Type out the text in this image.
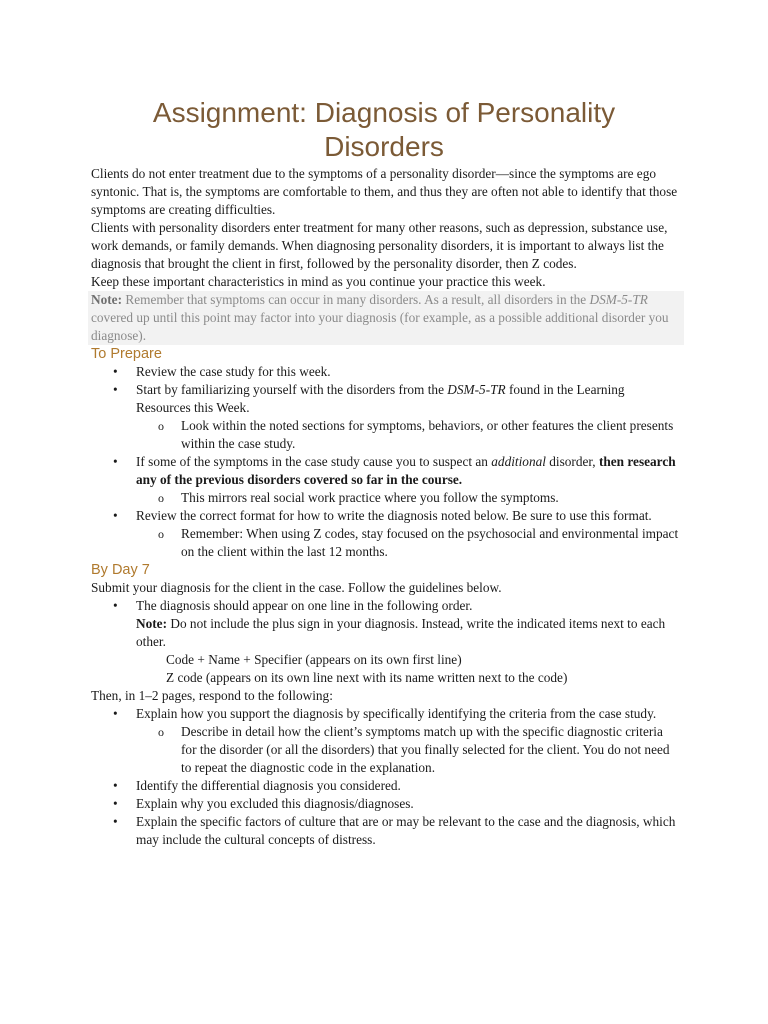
Assignment: Diagnosis of Personality Disorders

Clients do not enter treatment due to the symptoms of a personality disorder—since the symptoms are ego syntonic. That is, the symptoms are comfortable to them, and thus they are often not able to identify that those symptoms are creating difficulties.

Clients with personality disorders enter treatment for many other reasons, such as depression, substance use, work demands, or family demands. When diagnosing personality disorders, it is important to always list the diagnosis that brought the client in first, followed by the personality disorder, then Z codes.

Keep these important characteristics in mind as you continue your practice this week.

Note: Remember that symptoms can occur in many disorders. As a result, all disorders in the DSM-5-TR covered up until this point may factor into your diagnosis (for example, as a possible additional disorder you diagnose).

To Prepare
• Review the case study for this week.
• Start by familiarizing yourself with the disorders from the DSM-5-TR found in the Learning Resources this Week.
o Look within the noted sections for symptoms, behaviors, or other features the client presents within the case study.
• If some of the symptoms in the case study cause you to suspect an additional disorder, then research any of the previous disorders covered so far in the course.
o This mirrors real social work practice where you follow the symptoms.
• Review the correct format for how to write the diagnosis noted below. Be sure to use this format.
o Remember: When using Z codes, stay focused on the psychosocial and environmental impact on the client within the last 12 months.
By Day 7

Submit your diagnosis for the client in the case. Follow the guidelines below.

• The diagnosis should appear on one line in the following order.
Note: Do not include the plus sign in your diagnosis. Instead, write the indicated items next to each other.
Code + Name + Specifier (appears on its own first line)
Z code (appears on its own line next with its name written next to the code)

Then, in 1–2 pages, respond to the following:

• Explain how you support the diagnosis by specifically identifying the criteria from the case study.
o Describe in detail how the client’s symptoms match up with the specific diagnostic criteria for the disorder (or all the disorders) that you finally selected for the client. You do not need to repeat the diagnostic code in the explanation.
• Identify the differential diagnosis you considered.
• Explain why you excluded this diagnosis/diagnoses.
• Explain the specific factors of culture that are or may be relevant to the case and the diagnosis, which may include the cultural concepts of distress.
